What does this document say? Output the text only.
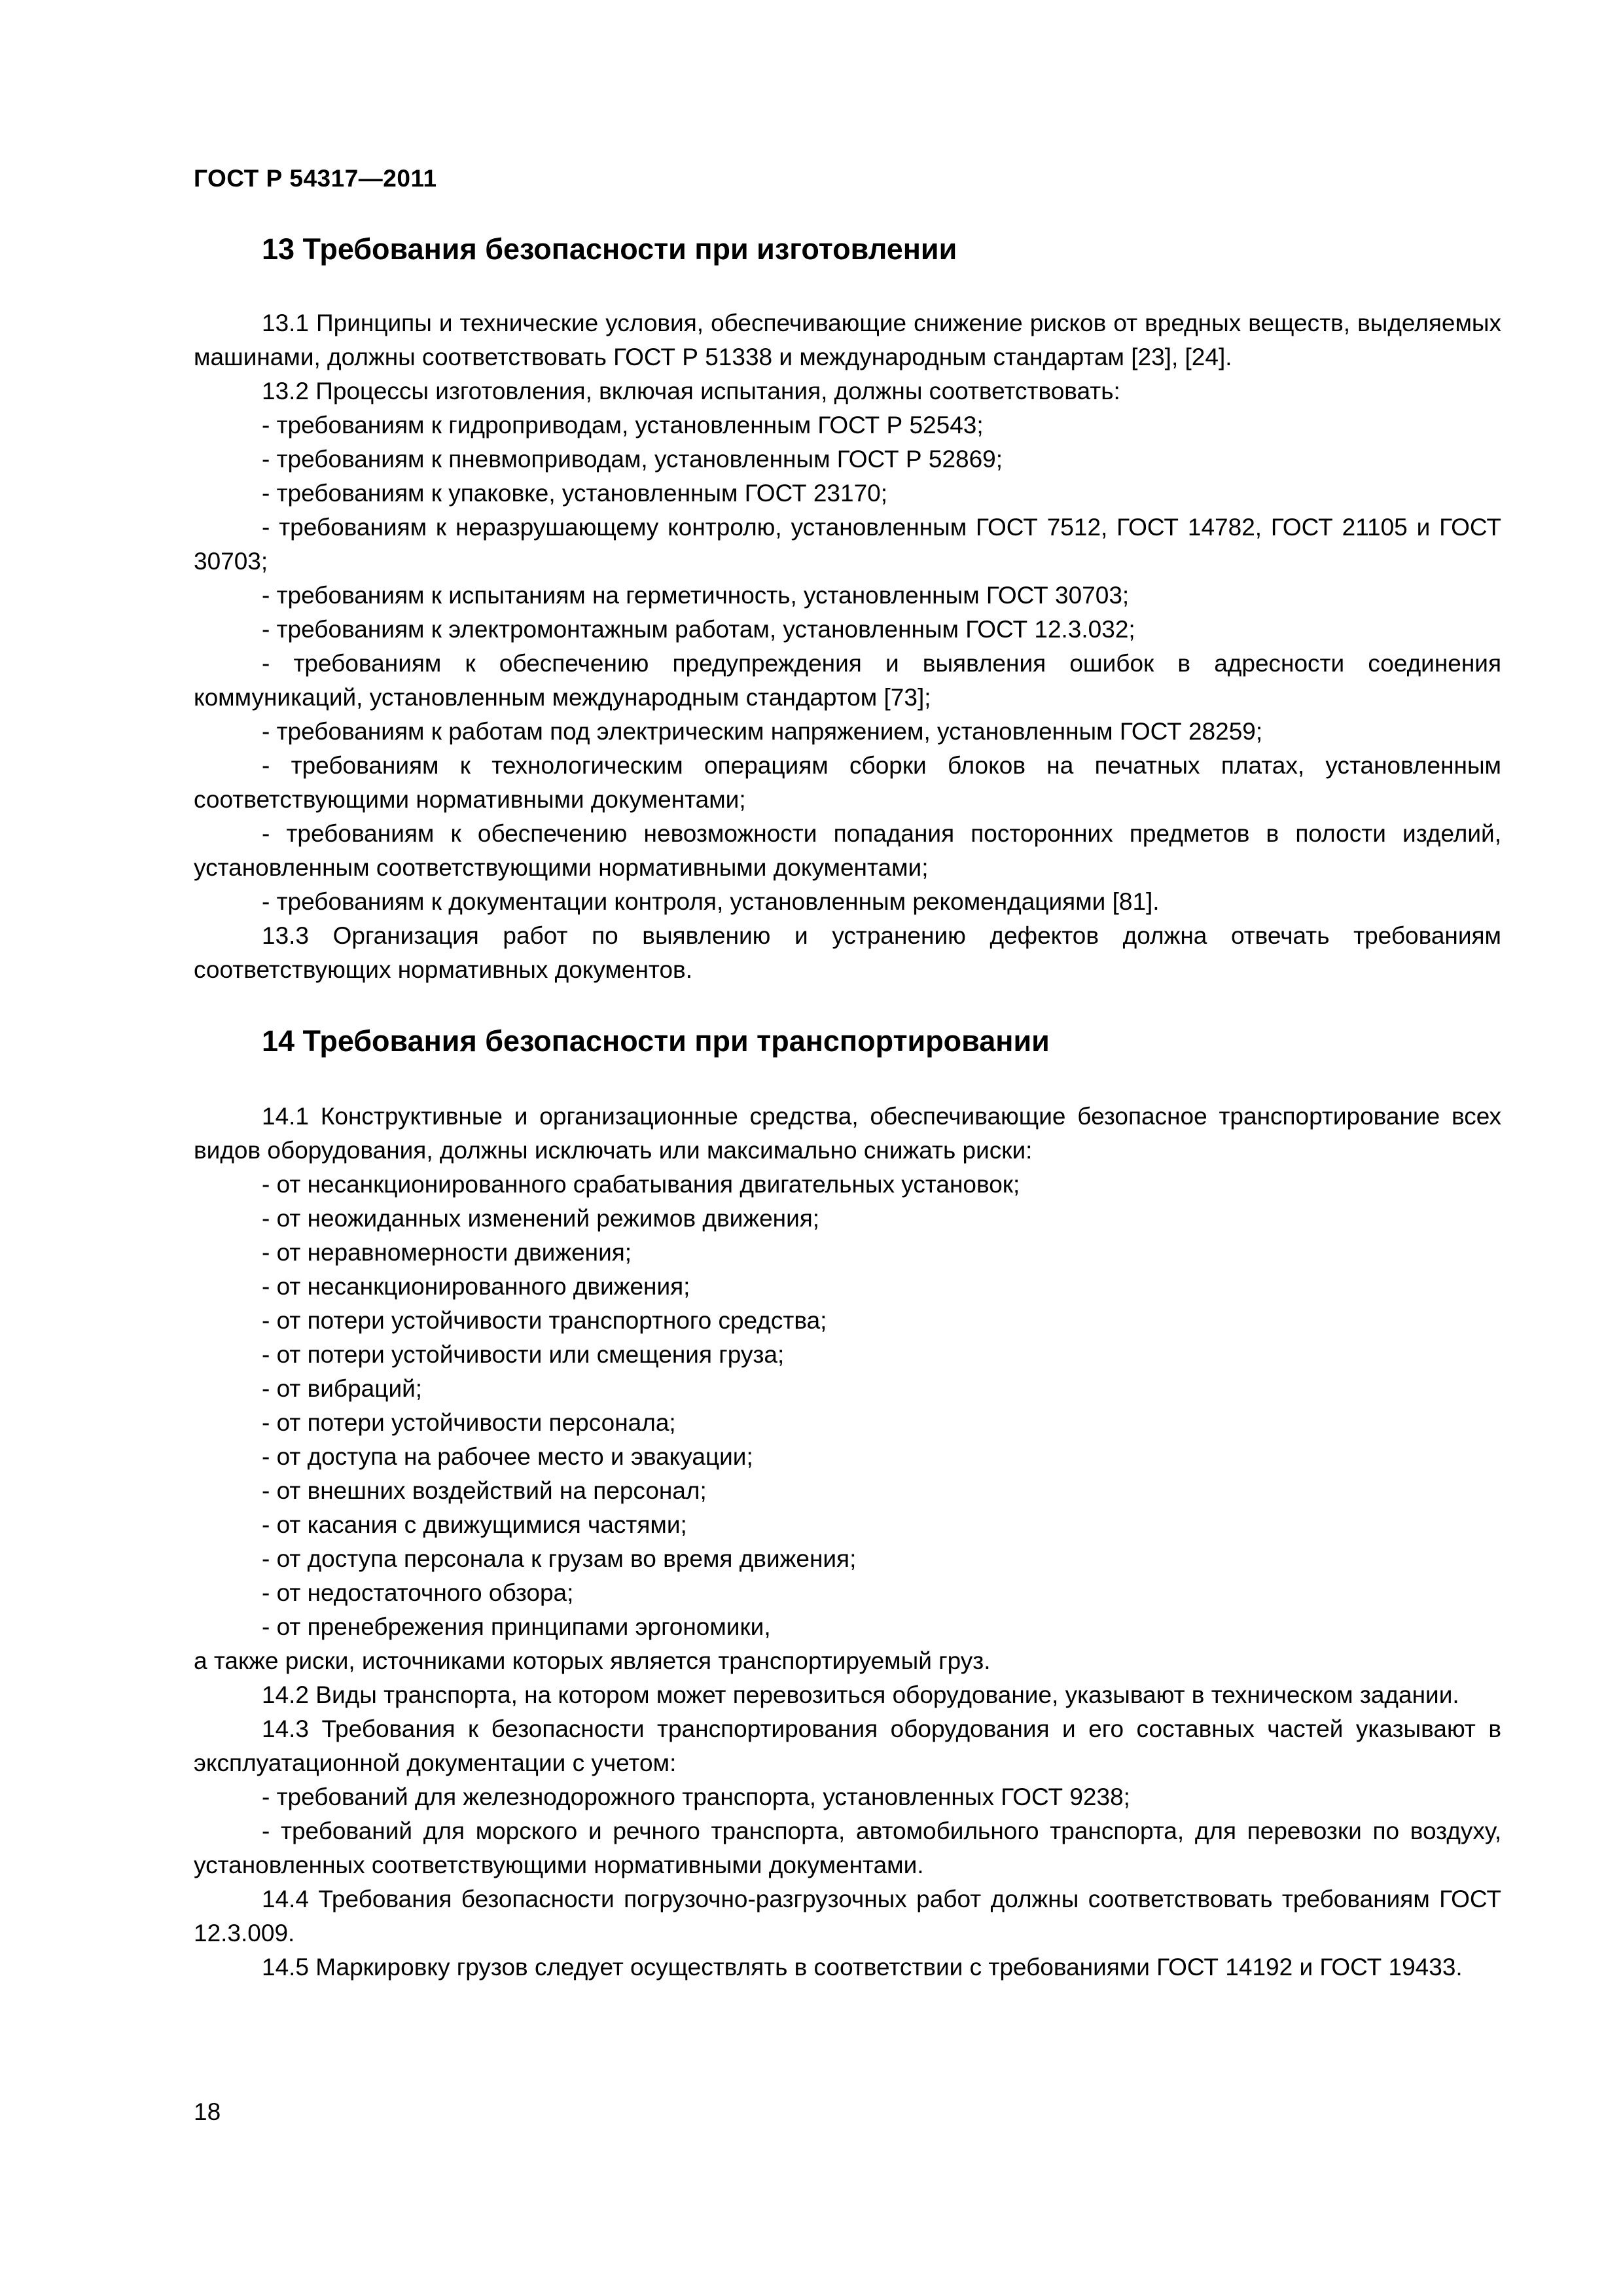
ГОСТ Р 54317—2011
13 Требования безопасности при изготовлении

13.1 Принципы и технические условия, обеспечивающие снижение рисков от вредных веществ, выделяемых машинами, должны соответствовать ГОСТ Р 51338 и международным стандартам [23], [24].

13.2 Процессы изготовления, включая испытания, должны соответствовать:

- требованиям к гидроприводам, установленным ГОСТ Р 52543;

- требованиям к пневмоприводам, установленным ГОСТ Р 52869;

- требованиям к упаковке, установленным ГОСТ 23170;

- требованиям к неразрушающему контролю, установленным ГОСТ 7512, ГОСТ 14782, ГОСТ 21105 и ГОСТ 30703;

- требованиям к испытаниям на герметичность, установленным ГОСТ 30703;

- требованиям к электромонтажным работам, установленным ГОСТ 12.3.032;

- требованиям к обеспечению предупреждения и выявления ошибок в адресности соединения коммуникаций, установленным международным стандартом [73];

- требованиям к работам под электрическим напряжением, установленным ГОСТ 28259;

- требованиям к технологическим операциям сборки блоков на печатных платах, установленным соответствующими нормативными документами;

- требованиям к обеспечению невозможности попадания посторонних предметов в полости изделий, установленным соответствующими нормативными документами;

- требованиям к документации контроля, установленным рекомендациями [81].

13.3 Организация работ по выявлению и устранению дефектов должна отвечать требованиям соответствующих нормативных документов.

14 Требования безопасности при транспортировании

14.1 Конструктивные и организационные средства, обеспечивающие безопасное транспортирование всех видов оборудования, должны исключать или максимально снижать риски:

- от несанкционированного срабатывания двигательных установок;

- от неожиданных изменений режимов движения;

- от неравномерности движения;

- от несанкционированного движения;

- от потери устойчивости транспортного средства;

- от потери устойчивости или смещения груза;

- от вибраций;

- от потери устойчивости персонала;

- от доступа на рабочее место и эвакуации;

- от внешних воздействий на персонал;

- от касания с движущимися частями;

- от доступа персонала к грузам во время движения;

- от недостаточного обзора;

- от пренебрежения принципами эргономики,

а также риски, источниками которых является транспортируемый груз.

14.2 Виды транспорта, на котором может перевозиться оборудование, указывают в техническом задании.

14.3 Требования к безопасности транспортирования оборудования и его составных частей указывают в эксплуатационной документации с учетом:

- требований для железнодорожного транспорта, установленных ГОСТ 9238;

- требований для морского и речного транспорта, автомобильного транспорта, для перевозки по воздуху, установленных соответствующими нормативными документами.

14.4 Требования безопасности погрузочно-разгрузочных работ должны соответствовать требованиям ГОСТ 12.3.009.

14.5 Маркировку грузов следует осуществлять в соответствии с требованиями ГОСТ 14192 и ГОСТ 19433.

18
